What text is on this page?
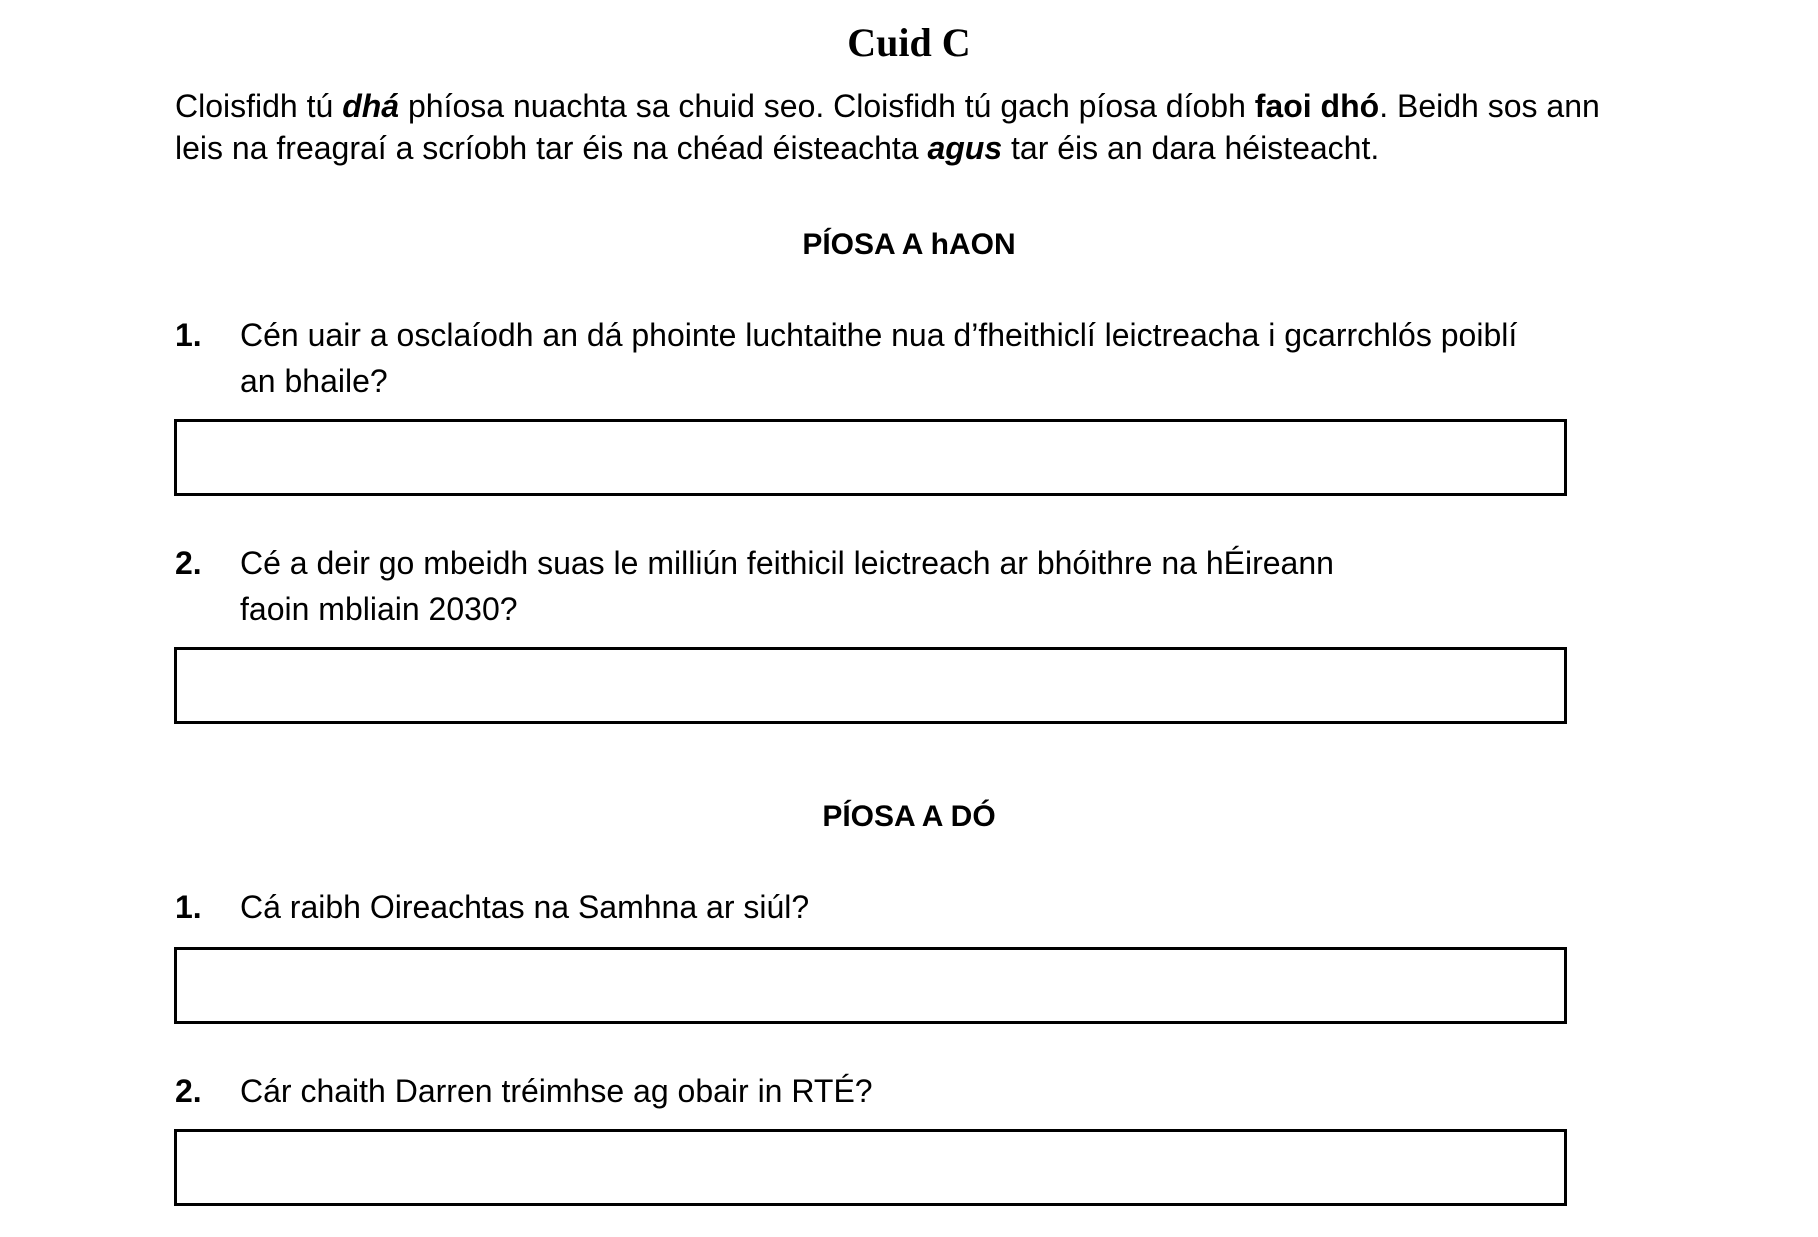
Cuid C
Cloisfidh tú dhá phíosa nuachta sa chuid seo. Cloisfidh tú gach píosa díobh faoi dhó. Beidh sos ann
leis na freagraí a scríobh tar éis na chéad éisteachta agus tar éis an dara héisteacht.
PÍOSA A hAON
1. Cén uair a osclaíodh an dá phointe luchtaithe nua d’fheithiclí leictreacha i gcarrchlós poiblí
an bhaile?
2. Cé a deir go mbeidh suas le milliún feithicil leictreach ar bhóithre na hÉireann
faoin mbliain 2030?
PÍOSA A DÓ
1. Cá raibh Oireachtas na Samhna ar siúl?
2. Cár chaith Darren tréimhse ag obair in RTÉ?
